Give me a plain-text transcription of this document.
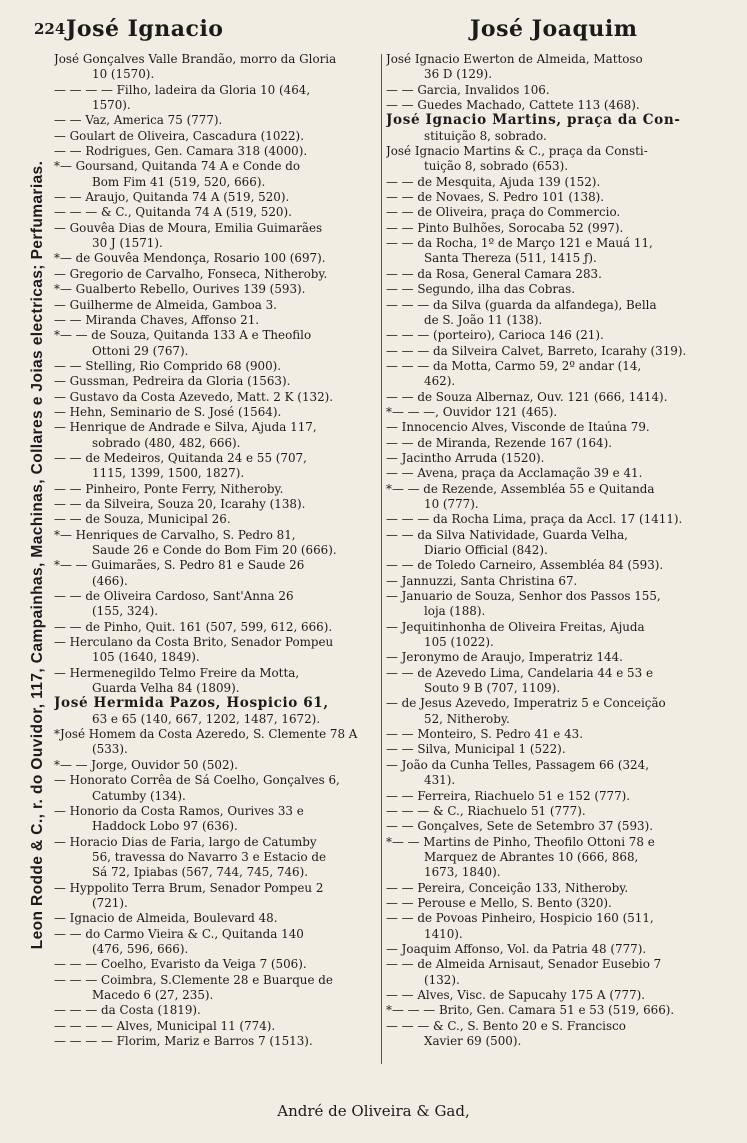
224 José Ignacio	José Joaquim
Leon Rodde & C., r. do Ouvidor, 117, Campainhas, Machinas, Collares e Joias electricas; Perfumarias.
José Gonçalves Valle Brandão, morro da Gloria
10 (1570).
— — — — Filho, ladeira da Gloria 10 (464,
1570).
— — Vaz, America 75 (777).
— Goulart de Oliveira, Cascadura (1022).
— — Rodrigues, Gen. Camara 318 (4000).
*— Goursand, Quitanda 74 A e Conde do
Bom Fim 41 (519, 520, 666).
— — Araujo, Quitanda 74 A (519, 520).
— — — & C., Quitanda 74 A (519, 520).
— Gouvêa Dias de Moura, Emilia Guimarães
30 J (1571).
*— de Gouvêa Mendonça, Rosario 100 (697).
— Gregorio de Carvalho, Fonseca, Nitheroby.
*— Gualberto Rebello, Ourives 139 (593).
— Guilherme de Almeida, Gamboa 3.
— — Miranda Chaves, Affonso 21.
*— — de Souza, Quitanda 133 A e Theofilo
Ottoni 29 (767).
— — Stelling, Rio Comprido 68 (900).
— Gussman, Pedreira da Gloria (1563).
— Gustavo da Costa Azevedo, Matt. 2 K (132).
— Hehn, Seminario de S. José (1564).
— Henrique de Andrade e Silva, Ajuda 117,
sobrado (480, 482, 666).
— — de Medeiros, Quitanda 24 e 55 (707,
1115, 1399, 1500, 1827).
— — Pinheiro, Ponte Ferry, Nitheroby.
— — da Silveira, Souza 20, Icarahy (138).
— — de Souza, Municipal 26.
*— Henriques de Carvalho, S. Pedro 81,
Saude 26 e Conde do Bom Fim 20 (666).
*— — Guimarães, S. Pedro 81 e Saude 26
(466).
— — de Oliveira Cardoso, Sant'Anna 26
(155, 324).
— — de Pinho, Quit. 161 (507, 599, 612, 666).
— Herculano da Costa Brito, Senador Pompeu
105 (1640, 1849).
— Hermenegildo Telmo Freire da Motta,
Guarda Velha 84 (1809).
José Hermida Pazos, Hospicio 61,
63 e 65 (140, 667, 1202, 1487, 1672).
*José Homem da Costa Azeredo, S. Clemente 78 A
(533).
*— — Jorge, Ouvidor 50 (502).
— Honorato Corrêa de Sá Coelho, Gonçalves 6,
Catumby (134).
— Honorio da Costa Ramos, Ourives 33 e
Haddock Lobo 97 (636).
— Horacio Dias de Faria, largo de Catumby
56, travessa do Navarro 3 e Estacio de
Sá 72, Ipiabas (567, 744, 745, 746).
— Hyppolito Terra Brum, Senador Pompeu 2
(721).
— Ignacio de Almeida, Boulevard 48.
— — do Carmo Vieira & C., Quitanda 140
(476, 596, 666).
— — — Coelho, Evaristo da Veiga 7 (506).
— — — Coimbra, S.Clemente 28 e Buarque de
Macedo 6 (27, 235).
— — — da Costa (1819).
— — — — Alves, Municipal 11 (774).
— — — — Florim, Mariz e Barros 7 (1513).
José Ignacio Ewerton de Almeida, Mattoso
36 D (129).
— — Garcia, Invalidos 106.
— — Guedes Machado, Cattete 113 (468).
José Ignacio Martins, praça da Con-
stituição 8, sobrado.
José Ignacio Martins & C., praça da Consti-
tuição 8, sobrado (653).
— — de Mesquita, Ajuda 139 (152).
— — de Novaes, S. Pedro 101 (138).
— — de Oliveira, praça do Commercio.
— — Pinto Bulhões, Sorocaba 52 (997).
— — da Rocha, 1º de Março 121 e Mauá 11,
Santa Thereza (511, 1415 ƒ).
— — da Rosa, General Camara 283.
— — Segundo, ilha das Cobras.
— — — da Silva (guarda da alfandega), Bella
de S. João 11 (138).
— — — (porteiro), Carioca 146 (21).
— — — da Silveira Calvet, Barreto, Icarahy (319).
— — — da Motta, Carmo 59, 2º andar (14,
462).
— — de Souza Albernaz, Ouv. 121 (666, 1414).
*— — —, Ouvidor 121 (465).
— Innocencio Alves, Visconde de Itaúna 79.
— — de Miranda, Rezende 167 (164).
— Jacintho Arruda (1520).
— — Avena, praça da Acclamação 39 e 41.
*— — de Rezende, Assembléa 55 e Quitanda
10 (777).
— — — da Rocha Lima, praça da Accl. 17 (1411).
— — da Silva Natividade, Guarda Velha,
Diario Official (842).
— — de Toledo Carneiro, Assembléa 84 (593).
— Jannuzzi, Santa Christina 67.
— Januario de Souza, Senhor dos Passos 155,
loja (188).
— Jequitinhonha de Oliveira Freitas, Ajuda
105 (1022).
— Jeronymo de Araujo, Imperatriz 144.
— — de Azevedo Lima, Candelaria 44 e 53 e
Souto 9 B (707, 1109).
— de Jesus Azevedo, Imperatriz 5 e Conceição
52, Nitheroby.
— — Monteiro, S. Pedro 41 e 43.
— — Silva, Municipal 1 (522).
— João da Cunha Telles, Passagem 66 (324,
431).
— — Ferreira, Riachuelo 51 e 152 (777).
— — — & C., Riachuelo 51 (777).
— — Gonçalves, Sete de Setembro 37 (593).
*— — Martins de Pinho, Theofilo Ottoni 78 e
Marquez de Abrantes 10 (666, 868,
1673, 1840).
— — Pereira, Conceição 133, Nitheroby.
— — Perouse e Mello, S. Bento (320).
— — de Povoas Pinheiro, Hospicio 160 (511,
1410).
— Joaquim Affonso, Vol. da Patria 48 (777).
— — de Almeida Arnisaut, Senador Eusebio 7
(132).
— — Alves, Visc. de Sapucahy 175 A (777).
*— — — Brito, Gen. Camara 51 e 53 (519, 666).
— — — & C., S. Bento 20 e S. Francisco
Xavier 69 (500).
André de Oliveira & Gad,
